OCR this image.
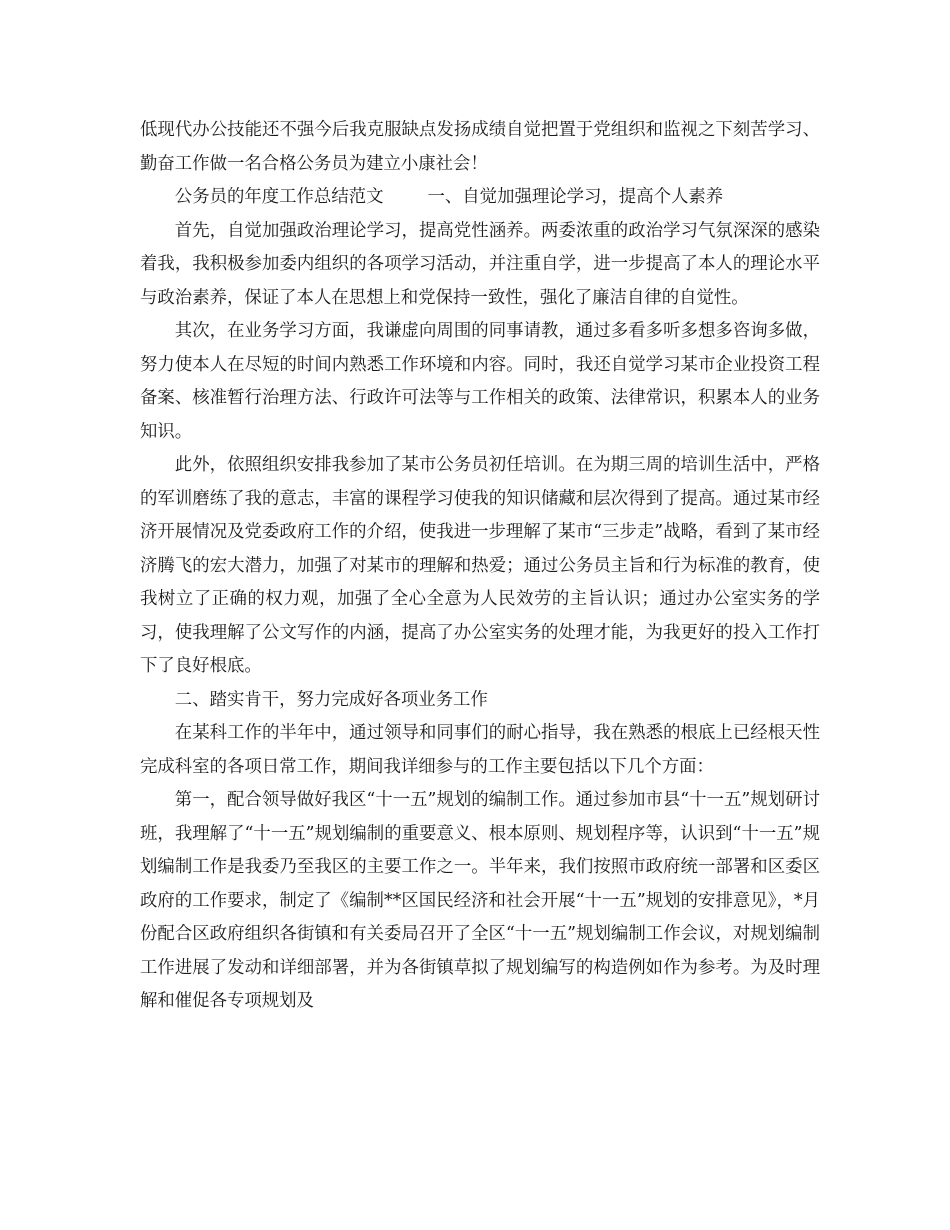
低现代办公技能还不强今后我克服缺点发扬成绩自觉把置于党组织和监视之下刻苦学习、勤奋工作做一名合格公务员为建立小康社会！

公务员的年度工作总结范文	一、自觉加强理论学习，提高个人素养

首先，自觉加强政治理论学习，提高党性涵养。两委浓重的政治学习气氛深深的感染着我，我积极参加委内组织的各项学习活动，并注重自学，进一步提高了本人的理论水平与政治素养，保证了本人在思想上和党保持一致性，强化了廉洁自律的自觉性。

其次，在业务学习方面，我谦虚向周围的同事请教，通过多看多听多想多咨询多做，努力使本人在尽短的时间内熟悉工作环境和内容。同时，我还自觉学习某市企业投资工程备案、核准暂行治理方法、行政许可法等与工作相关的政策、法律常识，积累本人的业务知识。

此外，依照组织安排我参加了某市公务员初任培训。在为期三周的培训生活中，严格的军训磨练了我的意志，丰富的课程学习使我的知识储藏和层次得到了提高。通过某市经济开展情况及党委政府工作的介绍，使我进一步理解了某市“三步走”战略，看到了某市经济腾飞的宏大潜力，加强了对某市的理解和热爱；通过公务员主旨和行为标准的教育，使我树立了正确的权力观，加强了全心全意为人民效劳的主旨认识；通过办公室实务的学习，使我理解了公文写作的内涵，提高了办公室实务的处理才能，为我更好的投入工作打下了良好根底。

二、踏实肯干，努力完成好各项业务工作

在某科工作的半年中，通过领导和同事们的耐心指导，我在熟悉的根底上已经根天性完成科室的各项日常工作，期间我详细参与的工作主要包括以下几个方面：

第一，配合领导做好我区“十一五”规划的编制工作。通过参加市县“十一五”规划研讨班，我理解了“十一五”规划编制的重要意义、根本原则、规划程序等，认识到“十一五”规划编制工作是我委乃至我区的主要工作之一。半年来，我们按照市政府统一部署和区委区政府的工作要求，制定了《编制**区国民经济和社会开展“十一五”规划的安排意见》，*月份配合区政府组织各街镇和有关委局召开了全区“十一五”规划编制工作会议，对规划编制工作进展了发动和详细部署，并为各街镇草拟了规划编写的构造例如作为参考。为及时理解和催促各专项规划及
